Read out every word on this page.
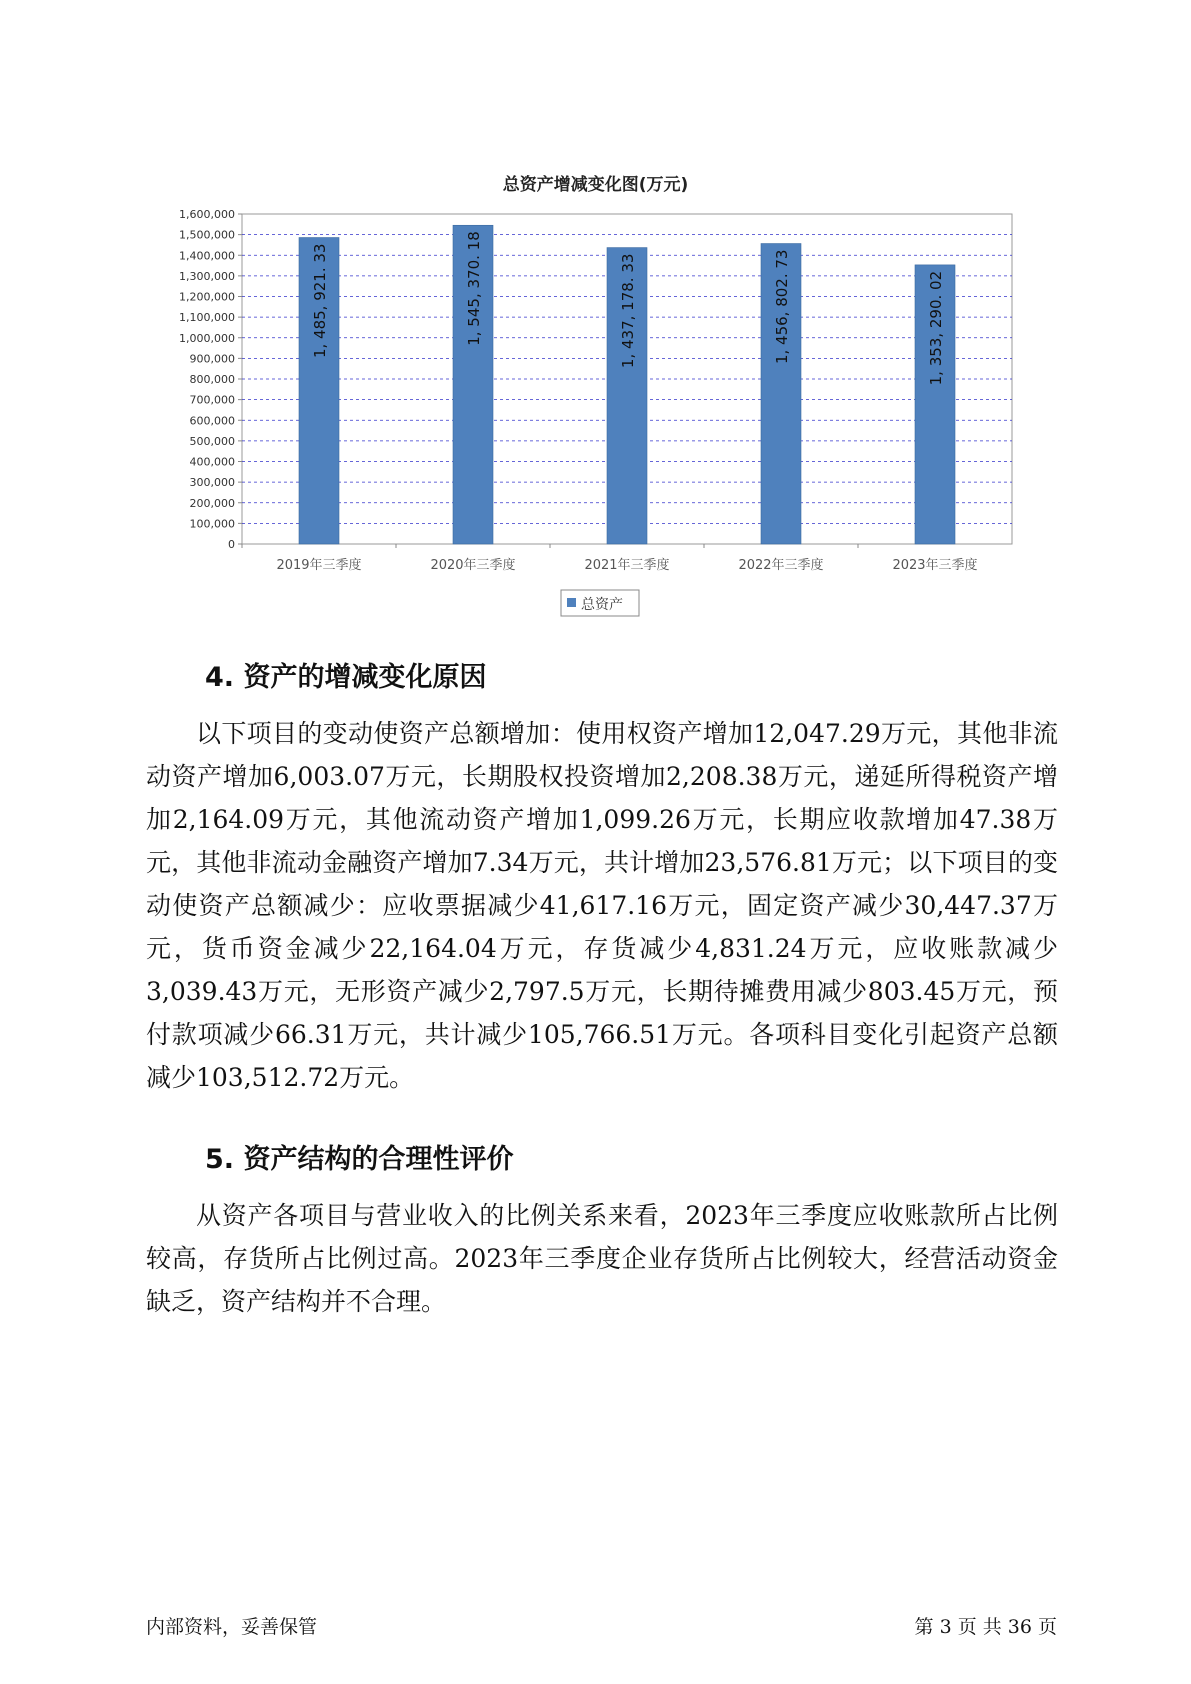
总资产增减变化图(万元)
0
100,000
200,000
300,000
400,000
500,000
600,000
700,000
800,000
900,000
1,000,000
1,100,000
1,200,000
1,300,000
1,400,000
1,500,000
1,600,000
1, 485, 921. 33	1, 545, 370. 18	1, 437, 178. 33	1, 456, 802. 73	1, 353, 290. 02
2019年三季度	2020年三季度	2021年三季度	2022年三季度	2023年三季度
总资产
4. 资产的增减变化原因

以下项目的变动使资产总额增加：使用权资产增加12,047.29万元，其他非流动资产增加6,003.07万元，长期股权投资增加2,208.38万元，递延所得税资产增加2,164.09万元，其他流动资产增加1,099.26万元，长期应收款增加47.38万元，其他非流动金融资产增加7.34万元，共计增加23,576.81万元；以下项目的变动使资产总额减少：应收票据减少41,617.16万元，固定资产减少30,447.37万元，货币资金减少22,164.04万元，存货减少4,831.24万元，应收账款减少3,039.43万元，无形资产减少2,797.5万元，长期待摊费用减少803.45万元，预付款项减少66.31万元，共计减少105,766.51万元。各项科目变化引起资产总额减少103,512.72万元。

5. 资产结构的合理性评价

从资产各项目与营业收入的比例关系来看，2023年三季度应收账款所占比例较高，存货所占比例过高。2023年三季度企业存货所占比例较大，经营活动资金缺乏，资产结构并不合理。

内部资料，妥善保管	第 3 页 共 36 页
